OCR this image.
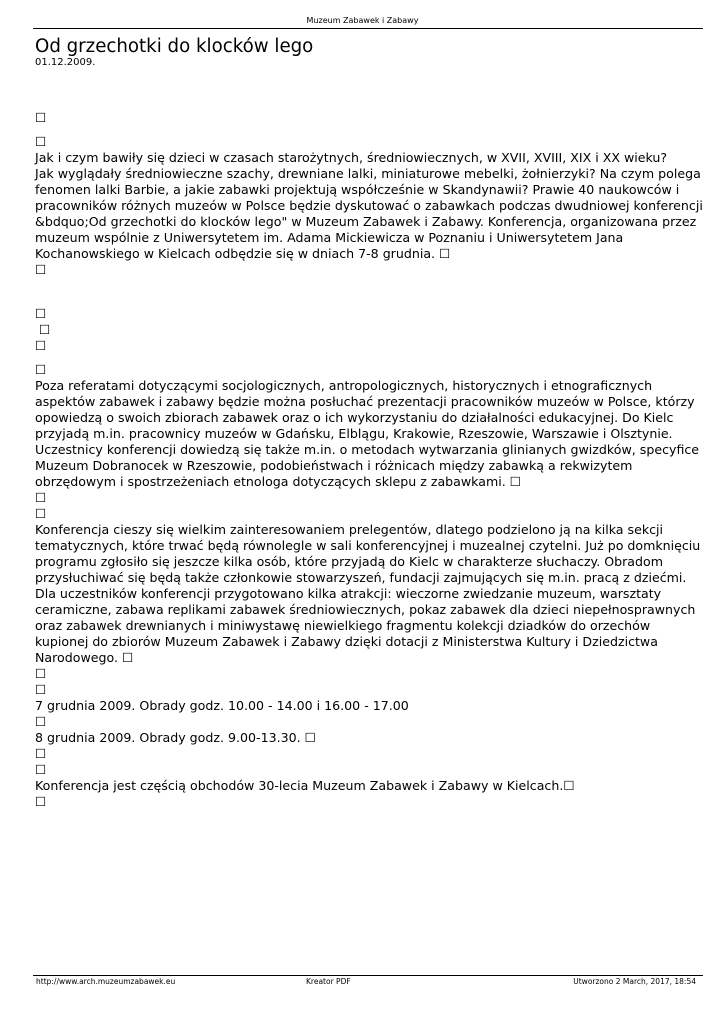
Muzeum Zabawek i Zabawy
Od grzechotki do klocków lego
01.12.2009.
☐
☐
Jak i czym bawiły się dzieci w czasach starożytnych, średniowiecznych, w XVII, XVIII, XIX i XX wieku?
Jak wyglądały średniowieczne szachy, drewniane lalki, miniaturowe mebelki, żołnierzyki? Na czym polega
fenomen lalki Barbie, a jakie zabawki projektują współcześnie w Skandynawii? Prawie 40 naukowców i
pracowników różnych muzeów w Polsce będzie dyskutować o zabawkach podczas dwudniowej konferencji
&bdquo;Od grzechotki do klocków lego" w Muzeum Zabawek i Zabawy. Konferencja, organizowana przez
muzeum wspólnie z Uniwersytetem im. Adama Mickiewicza w Poznaniu i Uniwersytetem Jana
Kochanowskiego w Kielcach odbędzie się w dniach 7-8 grudnia. ☐
☐
☐
☐
☐
☐
Poza referatami dotyczącymi socjologicznych, antropologicznych, historycznych i etnograficznych
aspektów zabawek i zabawy będzie można posłuchać prezentacji pracowników muzeów w Polsce, którzy
opowiedzą o swoich zbiorach zabawek oraz o ich wykorzystaniu do działalności edukacyjnej. Do Kielc
przyjadą m.in. pracownicy muzeów w Gdańsku, Elblągu, Krakowie, Rzeszowie, Warszawie i Olsztynie.
Uczestnicy konferencji dowiedzą się także m.in. o metodach wytwarzania glinianych gwizdków, specyfice
Muzeum Dobranocek w Rzeszowie, podobieństwach i różnicach między zabawką a rekwizytem
obrzędowym i spostrzeżeniach etnologa dotyczących sklepu z zabawkami. ☐
☐
☐
Konferencja cieszy się wielkim zainteresowaniem prelegentów, dlatego podzielono ją na kilka sekcji
tematycznych, które trwać będą równolegle w sali konferencyjnej i muzealnej czytelni. Już po domknięciu
programu zgłosiło się jeszcze kilka osób, które przyjadą do Kielc w charakterze słuchaczy. Obradom
przysłuchiwać się będą także członkowie stowarzyszeń, fundacji zajmujących się m.in. pracą z dziećmi.
Dla uczestników konferencji przygotowano kilka atrakcji: wieczorne zwiedzanie muzeum, warsztaty
ceramiczne, zabawa replikami zabawek średniowiecznych, pokaz zabawek dla dzieci niepełnosprawnych
oraz zabawek drewnianych i miniwystawę niewielkiego fragmentu kolekcji dziadków do orzechów
kupionej do zbiorów Muzeum Zabawek i Zabawy dzięki dotacji z Ministerstwa Kultury i Dziedzictwa
Narodowego. ☐
☐
☐
7 grudnia 2009. Obrady godz. 10.00 - 14.00 i 16.00 - 17.00
☐
8 grudnia 2009. Obrady godz. 9.00-13.30. ☐
☐
☐
Konferencja jest częścią obchodów 30-lecia Muzeum Zabawek i Zabawy w Kielcach.☐
☐
http://www.arch.muzeumzabawek.eu	Kreator PDF	Utworzono 2 March, 2017, 18:54
